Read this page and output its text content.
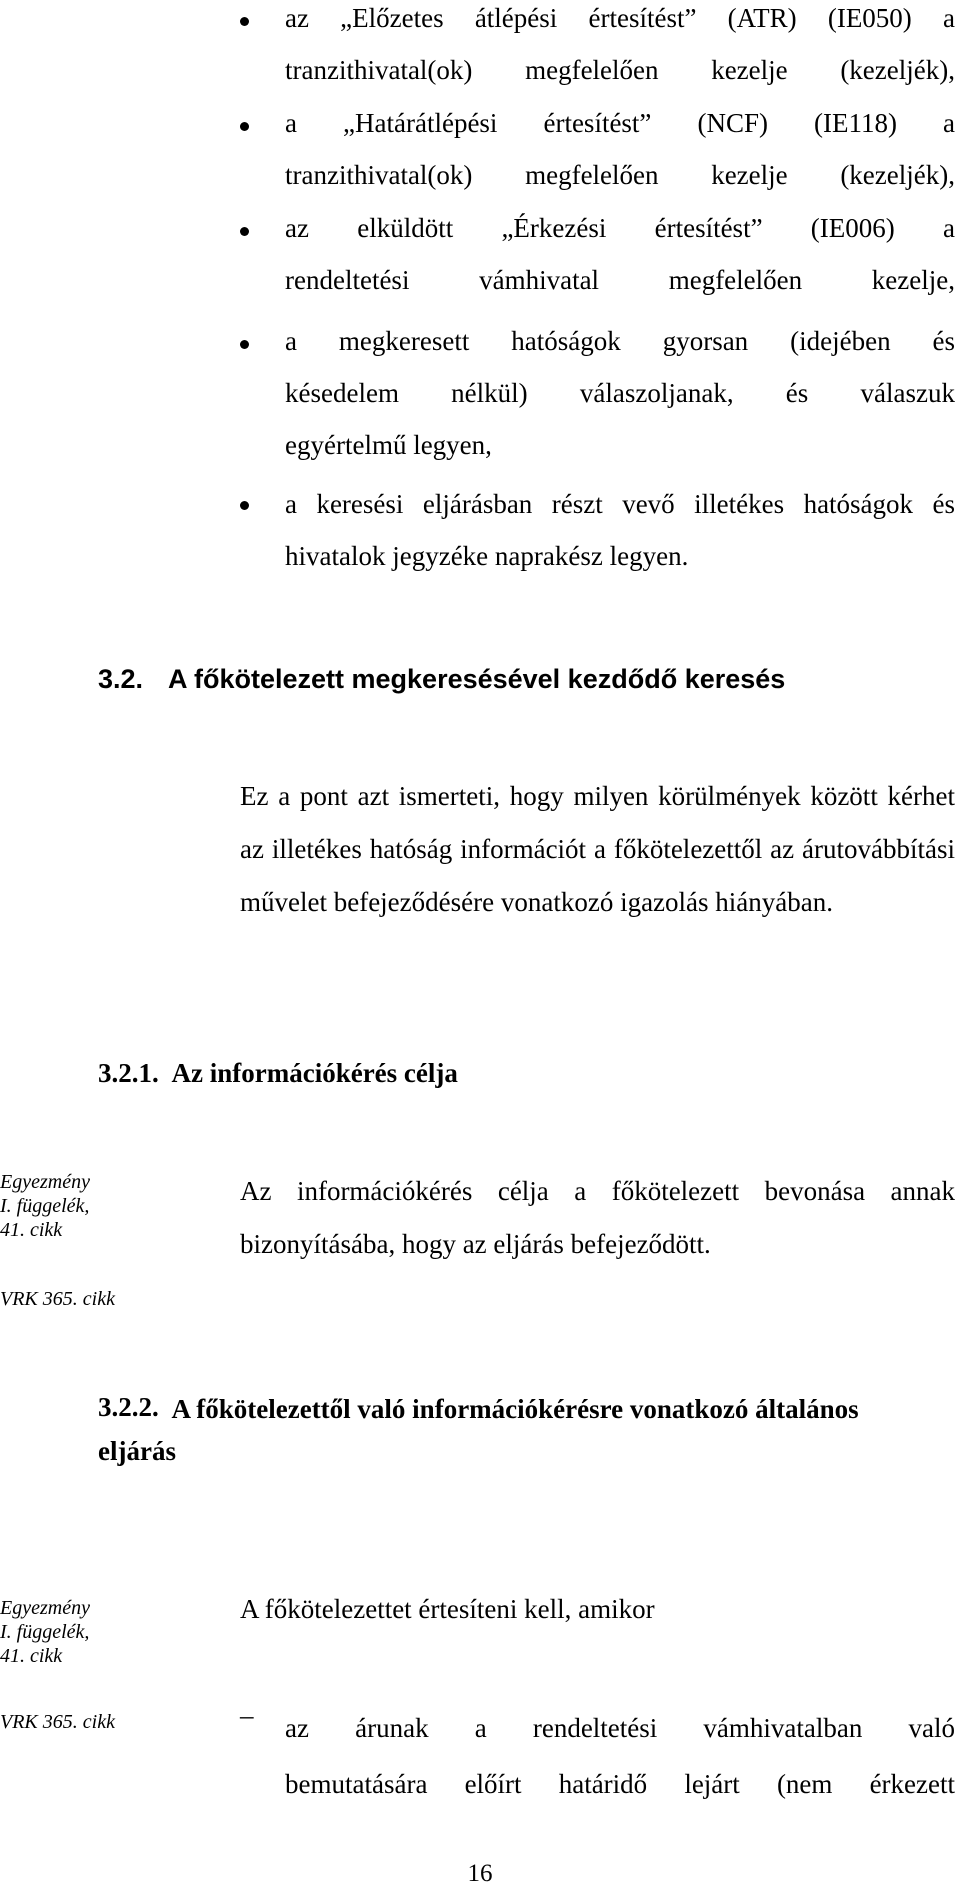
az „Előzetes átlépési értesítést” (ATR) (IE050) a
tranzithivatal(ok) megfelelően kezelje (kezeljék),
a „Határátlépési értesítést” (NCF) (IE118) a
tranzithivatal(ok) megfelelően kezelje (kezeljék),
az elküldött „Érkezési értesítést” (IE006) a
rendeltetési vámhivatal megfelelően kezelje,
a megkeresett hatóságok gyorsan (idejében és
késedelem nélkül) válaszoljanak, és válaszuk
egyértelmű legyen,
a keresési eljárásban részt vevő illetékes hatóságok és
hivatalok jegyzéke naprakész legyen.
3.2. A főkötelezett megkeresésével kezdődő keresés
Ez a pont azt ismerteti, hogy milyen körülmények között kérhet az illetékes hatóság információt a főkötelezettől az árutovábbítási művelet befejeződésére vonatkozó igazolás hiányában.
3.2.1. Az információkérés célja
Egyezmény
I. függelék,
41. cikk
Az információkérés célja a főkötelezett bevonása annak
bizonyításába, hogy az eljárás befejeződött.
VRK 365. cikk
3.2.2. A főkötelezettől való információkérésre vonatkozó általános
eljárás
Egyezmény
I. függelék,
41. cikk
A főkötelezettet értesíteni kell, amikor
VRK 365. cikk	– az árunak a rendeltetési vámhivatalban való
bemutatására előírt határidő lejárt (nem érkezett
16
